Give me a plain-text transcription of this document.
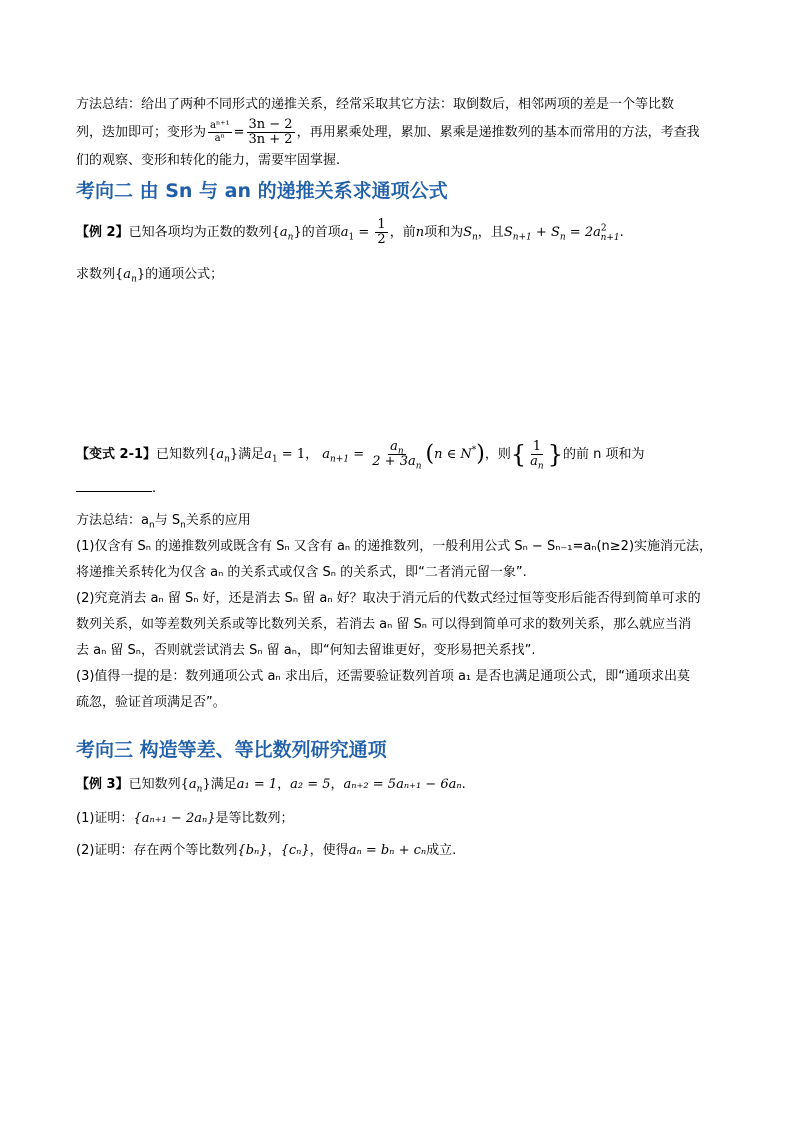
方法总结：给出了两种不同形式的递推关系，经常采取其它方法：取倒数后，相邻两项的差是一个等比数
列，迭加即可；变形为 $\frac{\text{aⁿ⁺¹}}{\text{aⁿ}} = \frac{3n - 2}{3n + 2}$ ，再用累乘处理，累加、累乘是递推数列的基本而常用的方法，考查我
们的观察、变形和转化的能力，需要牢固掌握.
考向二 由 Sn 与 an 的递推关系求通项公式
【例 2】已知各项均为正数的数列$\{a_n\}$的首项$a_1 = \frac{1}{2}$ ，前n项和为$S_n$，且$S_{n+1} + S_n = 2a^2_{n+1}$.
求数列$\{a_n\}$的通项公式；
【变式 2-1】已知数列$\{a_n\}$满足$a_1 = 1$， $a_{n+1} = \frac{a_n}{2 + 3a_n} (n$ ∈ N*)，则{ $\frac{1}{a_n}$ }的前 n 项和为.
方法总结：$a_n$与 $S_n$关系的应用
(1)仅含有 Sₙ 的递推数列或既含有 Sₙ 又含有 aₙ 的递推数列，一般利用公式 Sₙ − Sₙ₋₁=aₙ(n≥2)实施消元法，
将递推关系转化为仅含 aₙ 的关系式或仅含 Sₙ 的关系式，即“二者消元留一象”.
(2)究竟消去 aₙ 留 Sₙ 好，还是消去 Sₙ 留 aₙ 好？取决于消元后的代数式经过恒等变形后能否得到简单可求的
数列关系，如等差数列关系或等比数列关系，若消去 aₙ 留 Sₙ 可以得到简单可求的数列关系，那么就应当消
去 aₙ 留 Sₙ，否则就尝试消去 Sₙ 留 aₙ，即“何知去留谁更好，变形易把关系找”.
(3)值得一提的是：数列通项公式 aₙ 求出后，还需要验证数列首项 a₁ 是否也满足通项公式，即“通项求出莫
疏忽，验证首项满足否”。
考向三 构造等差、等比数列研究通项
【例 3】已知数列$\{a_n\}$满足a₁ = 1，a₂ = 5，aₙ₊₂ = 5aₙ₊₁ − 6aₙ.
(1)证明：{aₙ₊₁ − 2aₙ}是等比数列；
(2)证明：存在两个等比数列{bₙ}，{cₙ}，使得aₙ = bₙ + cₙ成立.
